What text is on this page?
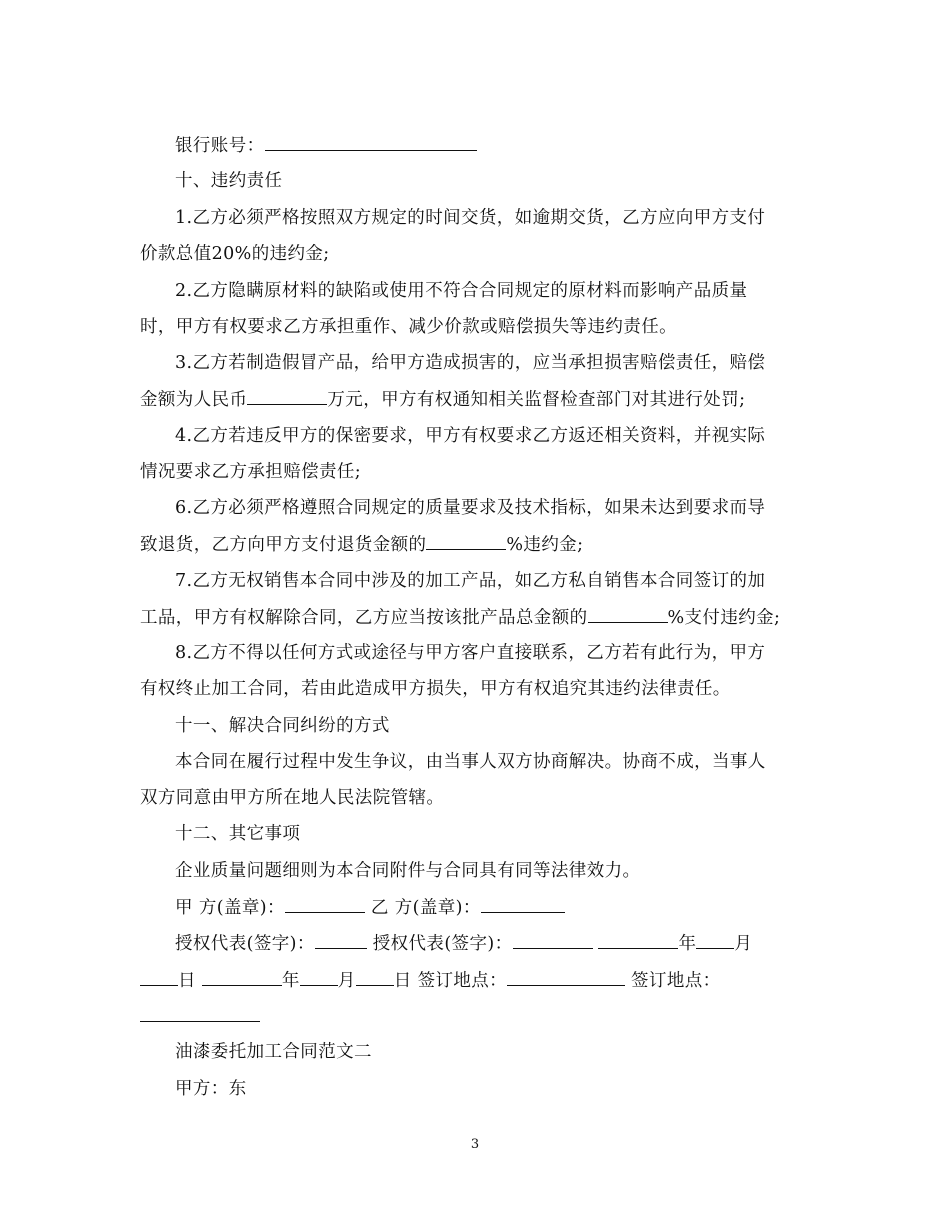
银行账号：
十、违约责任
1.乙方必须严格按照双方规定的时间交货，如逾期交货，乙方应向甲方支付
价款总值20%的违约金;
2.乙方隐瞒原材料的缺陷或使用不符合合同规定的原材料而影响产品质量
时，甲方有权要求乙方承担重作、减少价款或赔偿损失等违约责任。
3.乙方若制造假冒产品，给甲方造成损害的，应当承担损害赔偿责任，赔偿
金额为人民币	万元，甲方有权通知相关监督检查部门对其进行处罚;
4.乙方若违反甲方的保密要求，甲方有权要求乙方返还相关资料，并视实际
情况要求乙方承担赔偿责任;
6.乙方必须严格遵照合同规定的质量要求及技术指标，如果未达到要求而导
致退货，乙方向甲方支付退货金额的	%违约金;
7.乙方无权销售本合同中涉及的加工产品，如乙方私自销售本合同签订的加
工品，甲方有权解除合同，乙方应当按该批产品总金额的	%支付违约金;
8.乙方不得以任何方式或途径与甲方客户直接联系，乙方若有此行为，甲方
有权终止加工合同，若由此造成甲方损失，甲方有权追究其违约法律责任。
十一、解决合同纠纷的方式
本合同在履行过程中发生争议，由当事人双方协商解决。协商不成，当事人
双方同意由甲方所在地人民法院管辖。
十二、其它事项
企业质量问题细则为本合同附件与合同具有同等法律效力。
甲 方(盖章)：	乙 方(盖章)：
授权代表(签字)：	授权代表(签字)：	年 月
日	年 月 日 签订地点：	签订地点：
油漆委托加工合同范文二
甲方：东
3
